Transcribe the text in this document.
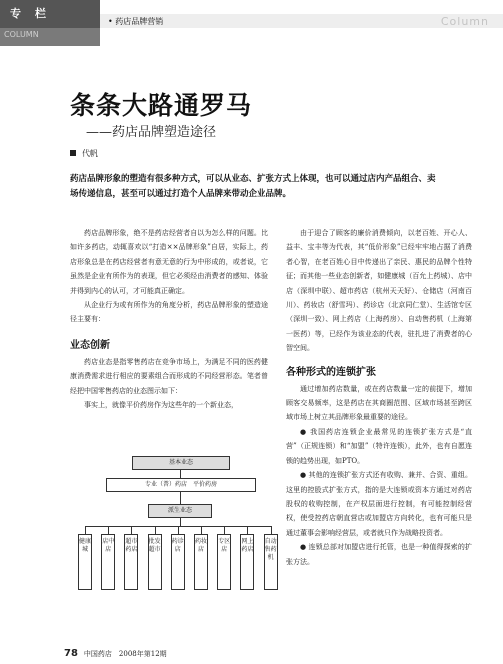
专栏
COLUMN
• 药店品牌营销	Column
条条大路通罗马
——药店品牌塑造途径
代帆
药店品牌形象的塑造有很多种方式，可以从业态、扩张方式上体现，也可以通过店内产品组合、卖场传递信息，甚至可以通过打造个人品牌来带动企业品牌。

药店品牌形象，绝不是药店经营者自以为怎么样的问题。比如许多药店，动辄喜欢以“打造××品牌形象”自居，实际上，药店形象总是在药店经营者有意无意的行为中形成的，或者说，它虽然是企业有所作为的表现，但它必须经由消费者的感知、体验并得到内心的认可，才可能真正确定。

从企业行为或有所作为的角度分析，药店品牌形象的塑造途径主要有：

业态创新

药店业态是指零售药店在竞争市场上，为满足不同的医药健康消费需求进行相应的要素组合而形成的不同经营形态。笔者曾经把中国零售药店的业态图示如下：

事实上，就像平价药房作为这些年的一个新业态，

基本业态
专业（普）药店　平价药房
派生业态
健康城
店中店
超市药店
批发超市
药诊店
药妆店
专区店
网上药店
自动售药机

由于迎合了顾客的廉价消费倾向，以老百姓、开心人、益丰、宝丰等为代表，其“低价形象”已经牢牢地占据了消费者心智，在老百姓心目中传递出了亲民、惠民的品牌个性特征；而其他一些业态创新者，如健康城（百允上药城）、店中店（深圳中联）、超市药店（杭州天天好）、仓储店（河南百川）、药妆店（舒雪玛）、药诊店（北京同仁堂）、生活馆专区（深圳一致）、网上药店（上海药房）、自动售药机（上海第一医药）等，已经作为该业态的代表，驻扎进了消费者的心智空间。

各种形式的连锁扩张

通过增加药店数量，或在药店数量一定的前提下，增加顾客交易频率，这是药店在其商圈范围、区域市场甚至跨区域市场上树立其品牌形象最重要的途径。

● 我国药店连锁企业最常见的连锁扩张方式是“直营”（正规连锁）和“加盟”（特许连锁），此外，也有自愿连锁的趋势出现，如PTO。

● 其他的连锁扩张方式还有收购、兼并、合资、重组。这里的控股式扩张方式，指的是大连锁或资本方通过对药店股权的收购控制，在产权层面进行控制，有可能控制经营权，使受控药店朝直营店或加盟店方向转化，也有可能只是通过董事会影响经营层，或者就只作为战略投资者。

● 连锁总部对加盟店进行托管，也是一种值得探索的扩张方法。

78 中国药店　2008年第12期
